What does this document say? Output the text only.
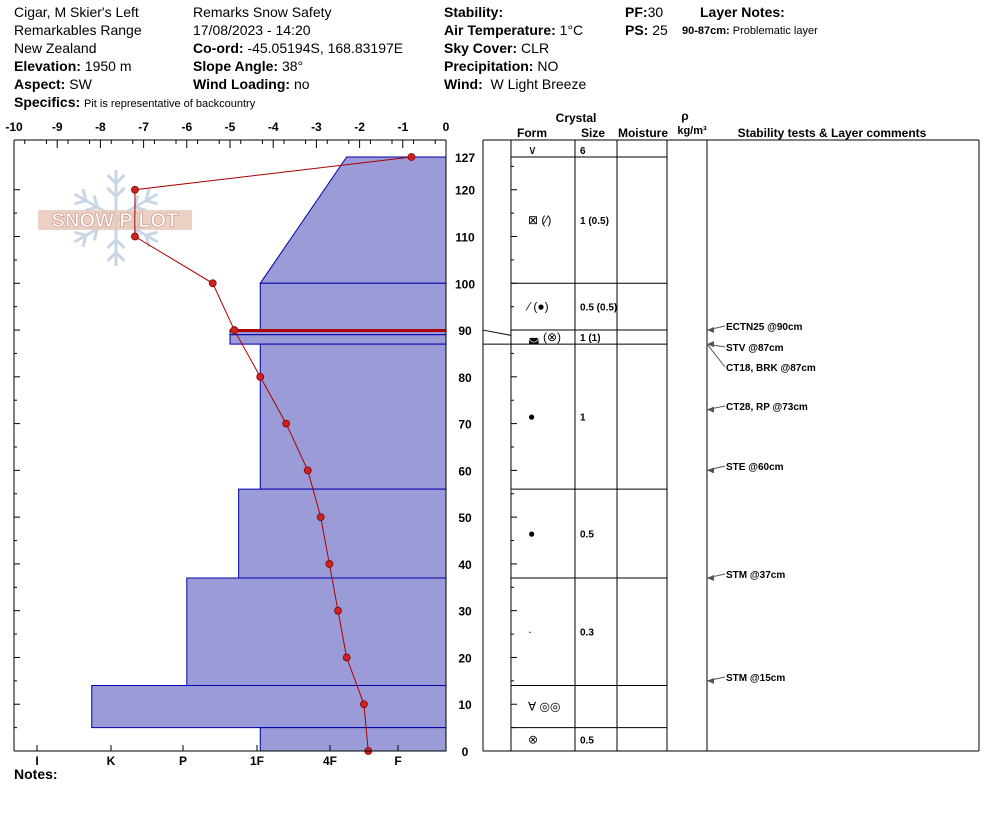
Cigar, M Skier's Left
Remarkables Range
New Zealand
Elevation: 1950 m
Aspect: SW
Specifics: Pit is representative of backcountry
Remarks Snow Safety
17/08/2023 - 14:20
Co-ord: -45.05194S, 168.83197E
Slope Angle: 38°
Wind Loading: no
Stability:
Air Temperature: 1°C
Sky Cover: CLR
Precipitation: NO
Wind: W Light Breeze
PF:30
PS: 25
Layer Notes:
90-87cm: Problematic layer
Notes:
SNOW PILOT
-10 -9	-8	-7	-6	-5	-4	-3	-2	-1	0
I	K	P	1F	4F	F
127
120
110
100
90
80
70
60
50
40
30
20
10
0
Crystal
Form	Size Moisture
ρ
kg/m³	Stability tests & Layer comments
∨	6
⊠ (⁄)	1 (0.5)
⁄ (●)	0.5 (0.5)
◛ (⊗) 1 (1)
●	1
●	0.5
·	0.3
∀ ◎◎
⊗	0.5
ECTN25 @90cm
STV @87cm
CT18, BRK @87cm
CT28, RP @73cm
STE @60cm
STM @37cm
STM @15cm
